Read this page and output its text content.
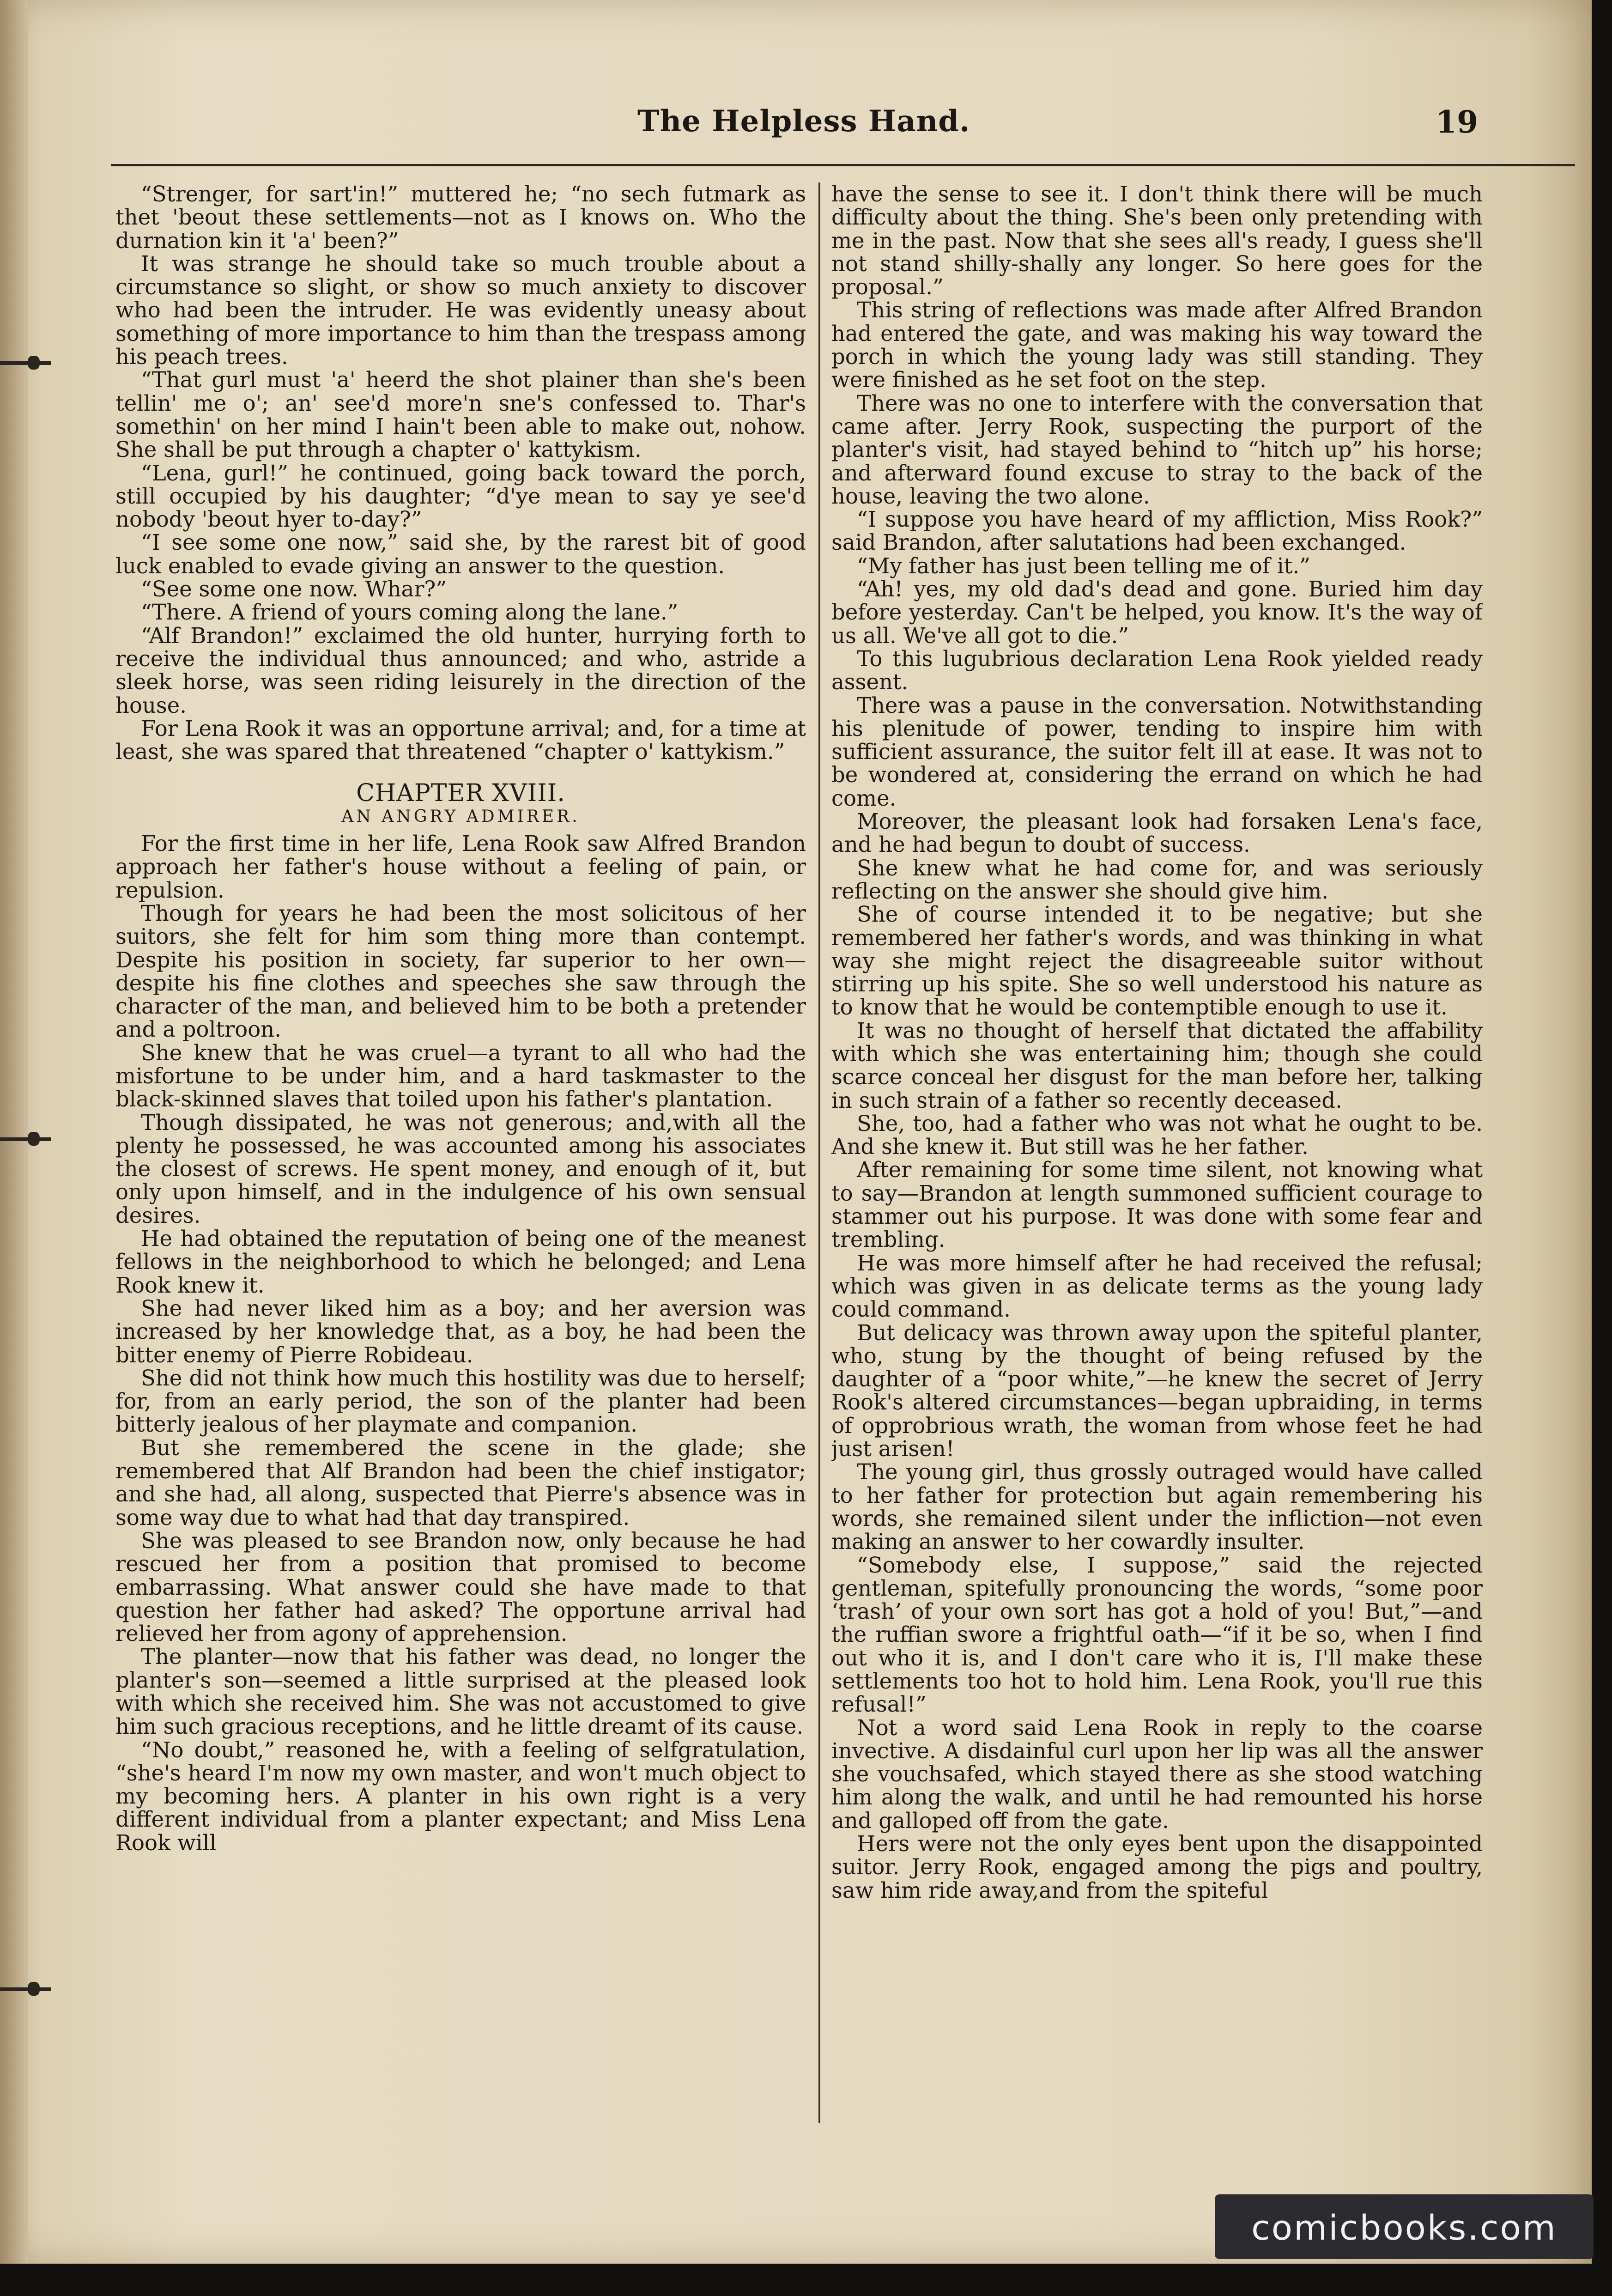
The Helpless Hand.	19

“Strenger, for sart'in!” muttered he; “no sech futmark as thet 'beout these settlements—not as I knows on. Who the durnation kin it 'a' been?”

It was strange he should take so much trouble about a circumstance so slight, or show so much anxiety to discover who had been the intruder. He was evidently uneasy about something of more importance to him than the trespass among his peach trees.

“That gurl must 'a' heerd the shot plainer than she's been tellin' me o'; an' see'd more'n sne's confessed to. Thar's somethin' on her mind I hain't been able to make out, nohow. She shall be put through a chapter o' kattykism.

“Lena, gurl!” he continued, going back toward the porch, still occupied by his daughter; “d'ye mean to say ye see'd nobody 'beout hyer to-day?”

“I see some one now,” said she, by the rarest bit of good luck enabled to evade giving an answer to the question.

“See some one now. Whar?”

“There. A friend of yours coming along the lane.”

“Alf Brandon!” exclaimed the old hunter, hurrying forth to receive the individual thus announced; and who, astride a sleek horse, was seen riding leisurely in the direction of the house.

For Lena Rook it was an opportune arrival; and, for a time at least, she was spared that threatened “chapter o' kattykism.”

CHAPTER XVIII.
AN ANGRY ADMIRER.

For the first time in her life, Lena Rook saw Alfred Brandon approach her father's house without a feeling of pain, or repulsion.

Though for years he had been the most solicitous of her suitors, she felt for him som thing more than contempt. Despite his position in society, far superior to her own—despite his fine clothes and speeches she saw through the character of the man, and believed him to be both a pretender and a poltroon.

She knew that he was cruel—a tyrant to all who had the misfortune to be under him, and a hard taskmaster to the black-skinned slaves that toiled upon his father's plantation.

Though dissipated, he was not generous; and,with all the plenty he possessed, he was accounted among his associates the closest of screws. He spent money, and enough of it, but only upon himself, and in the indulgence of his own sensual desires.

He had obtained the reputation of being one of the meanest fellows in the neighborhood to which he belonged; and Lena Rook knew it.

She had never liked him as a boy; and her aversion was increased by her knowledge that, as a boy, he had been the bitter enemy of Pierre Robideau.

She did not think how much this hostility was due to herself; for, from an early period, the son of the planter had been bitterly jealous of her playmate and companion.

But she remembered the scene in the glade; she remembered that Alf Brandon had been the chief instigator; and she had, all along, suspected that Pierre's absence was in some way due to what had that day transpired.

She was pleased to see Brandon now, only because he had rescued her from a position that promised to become embarrassing. What answer could she have made to that question her father had asked? The opportune arrival had relieved her from agony of apprehension.

The planter—now that his father was dead, no longer the planter's son—seemed a little surprised at the pleased look with which she received him. She was not accustomed to give him such gracious receptions, and he little dreamt of its cause.

“No doubt,” reasoned he, with a feeling of selfgratulation, “she's heard I'm now my own master, and won't much object to my becoming hers. A planter in his own right is a very different individual from a planter expectant; and Miss Lena Rook will

have the sense to see it. I don't think there will be much difficulty about the thing. She's been only pretending with me in the past. Now that she sees all's ready, I guess she'll not stand shilly-shally any longer. So here goes for the proposal.”

This string of reflections was made after Alfred Brandon had entered the gate, and was making his way toward the porch in which the young lady was still standing. They were finished as he set foot on the step.

There was no one to interfere with the conversation that came after. Jerry Rook, suspecting the purport of the planter's visit, had stayed behind to “hitch up” his horse; and afterward found excuse to stray to the back of the house, leaving the two alone.

“I suppose you have heard of my affliction, Miss Rook?” said Brandon, after salutations had been exchanged.

“My father has just been telling me of it.”

“Ah! yes, my old dad's dead and gone. Buried him day before yesterday. Can't be helped, you know. It's the way of us all. We've all got to die.”

To this lugubrious declaration Lena Rook yielded ready assent.

There was a pause in the conversation. Notwithstanding his plenitude of power, tending to inspire him with sufficient assurance, the suitor felt ill at ease. It was not to be wondered at, considering the errand on which he had come.

Moreover, the pleasant look had forsaken Lena's face, and he had begun to doubt of success.

She knew what he had come for, and was seriously reflecting on the answer she should give him.

She of course intended it to be negative; but she remembered her father's words, and was thinking in what way she might reject the disagreeable suitor without stirring up his spite. She so well understood his nature as to know that he would be contemptible enough to use it.

It was no thought of herself that dictated the affability with which she was entertaining him; though she could scarce conceal her disgust for the man before her, talking in such strain of a father so recently deceased.

She, too, had a father who was not what he ought to be. And she knew it. But still was he her father.

After remaining for some time silent, not knowing what to say—Brandon at length summoned sufficient courage to stammer out his purpose. It was done with some fear and trembling.

He was more himself after he had received the refusal; which was given in as delicate terms as the young lady could command.

But delicacy was thrown away upon the spiteful planter, who, stung by the thought of being refused by the daughter of a “poor white,”—he knew the secret of Jerry Rook's altered circumstances—began upbraiding, in terms of opprobrious wrath, the woman from whose feet he had just arisen!

The young girl, thus grossly outraged would have called to her father for protection but again remembering his words, she remained silent under the infliction—not even making an answer to her cowardly insulter.

“Somebody else, I suppose,” said the rejected gentleman, spitefully pronouncing the words, “some poor ‘trash’ of your own sort has got a hold of you! But,”—and the ruffian swore a frightful oath—“if it be so, when I find out who it is, and I don't care who it is, I'll make these settlements too hot to hold him. Lena Rook, you'll rue this refusal!”

Not a word said Lena Rook in reply to the coarse invective. A disdainful curl upon her lip was all the answer she vouchsafed, which stayed there as she stood watching him along the walk, and until he had remounted his horse and galloped off from the gate.

Hers were not the only eyes bent upon the disappointed suitor. Jerry Rook, engaged among the pigs and poultry, saw him ride away,and from the spiteful

comicbooks.com
